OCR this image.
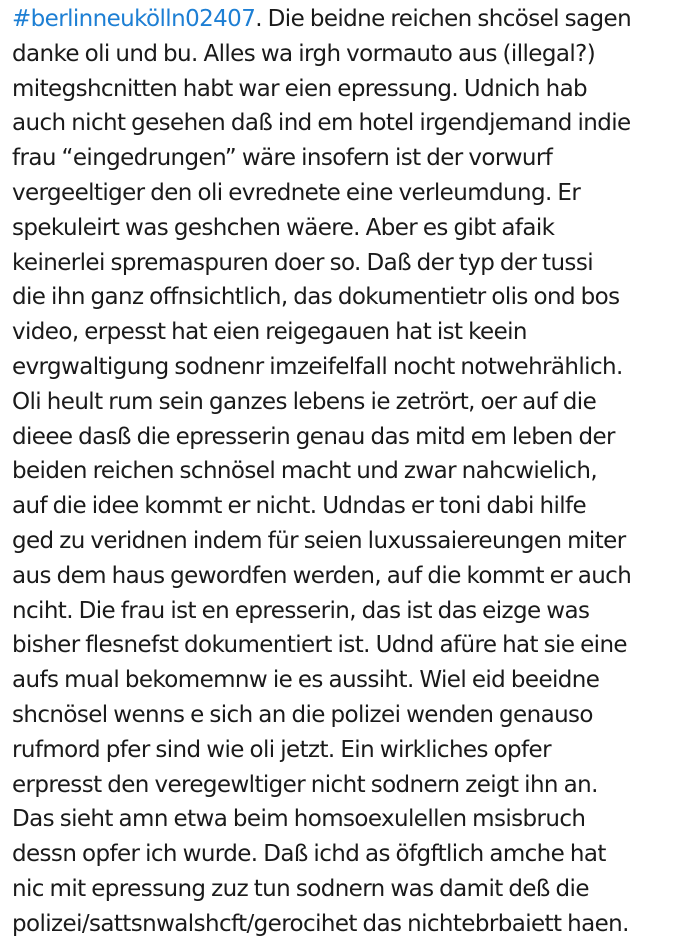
#berlinneukölln02407. Die beidne reichen shcösel sagen
danke oli und bu. Alles wa irgh vormauto aus (illegal?)
mitegshcnitten habt war eien epressung. Udnich hab
auch nicht gesehen daß ind em hotel irgendjemand indie
frau “eingedrungen” wäre insofern ist der vorwurf
vergeeltiger den oli evrednete eine verleumdung. Er
spekuleirt was geshchen wäere. Aber es gibt afaik
keinerlei spremaspuren doer so. Daß der typ der tussi
die ihn ganz offnsichtlich, das dokumentietr olis ond bos
video, erpesst hat eien reigegauen hat ist keein
evrgwaltigung sodnenr imzeifelfall nocht notwehrählich.
Oli heult rum sein ganzes lebens ie zetrört, oer auf die
dieee dasß die epresserin genau das mitd em leben der
beiden reichen schnösel macht und zwar nahcwielich,
auf die idee kommt er nicht. Udndas er toni dabi hilfe
ged zu veridnen indem für seien luxussaiereungen miter
aus dem haus gewordfen werden, auf die kommt er auch
nciht. Die frau ist en epresserin, das ist das eizge was
bisher flesnefst dokumentiert ist. Udnd afüre hat sie eine
aufs mual bekomemnw ie es aussiht. Wiel eid beeidne
shcnösel wenns e sich an die polizei wenden genauso
rufmord pfer sind wie oli jetzt. Ein wirkliches opfer
erpresst den veregewltiger nicht sodnern zeigt ihn an.
Das sieht amn etwa beim homsoexulellen msisbruch
dessn opfer ich wurde. Daß ichd as öfgftlich amche hat
nic mit epressung zuz tun sodnern was damit deß die
polizei/sattsnwalshcft/gerocihet das nichtebrbaiett haen.
